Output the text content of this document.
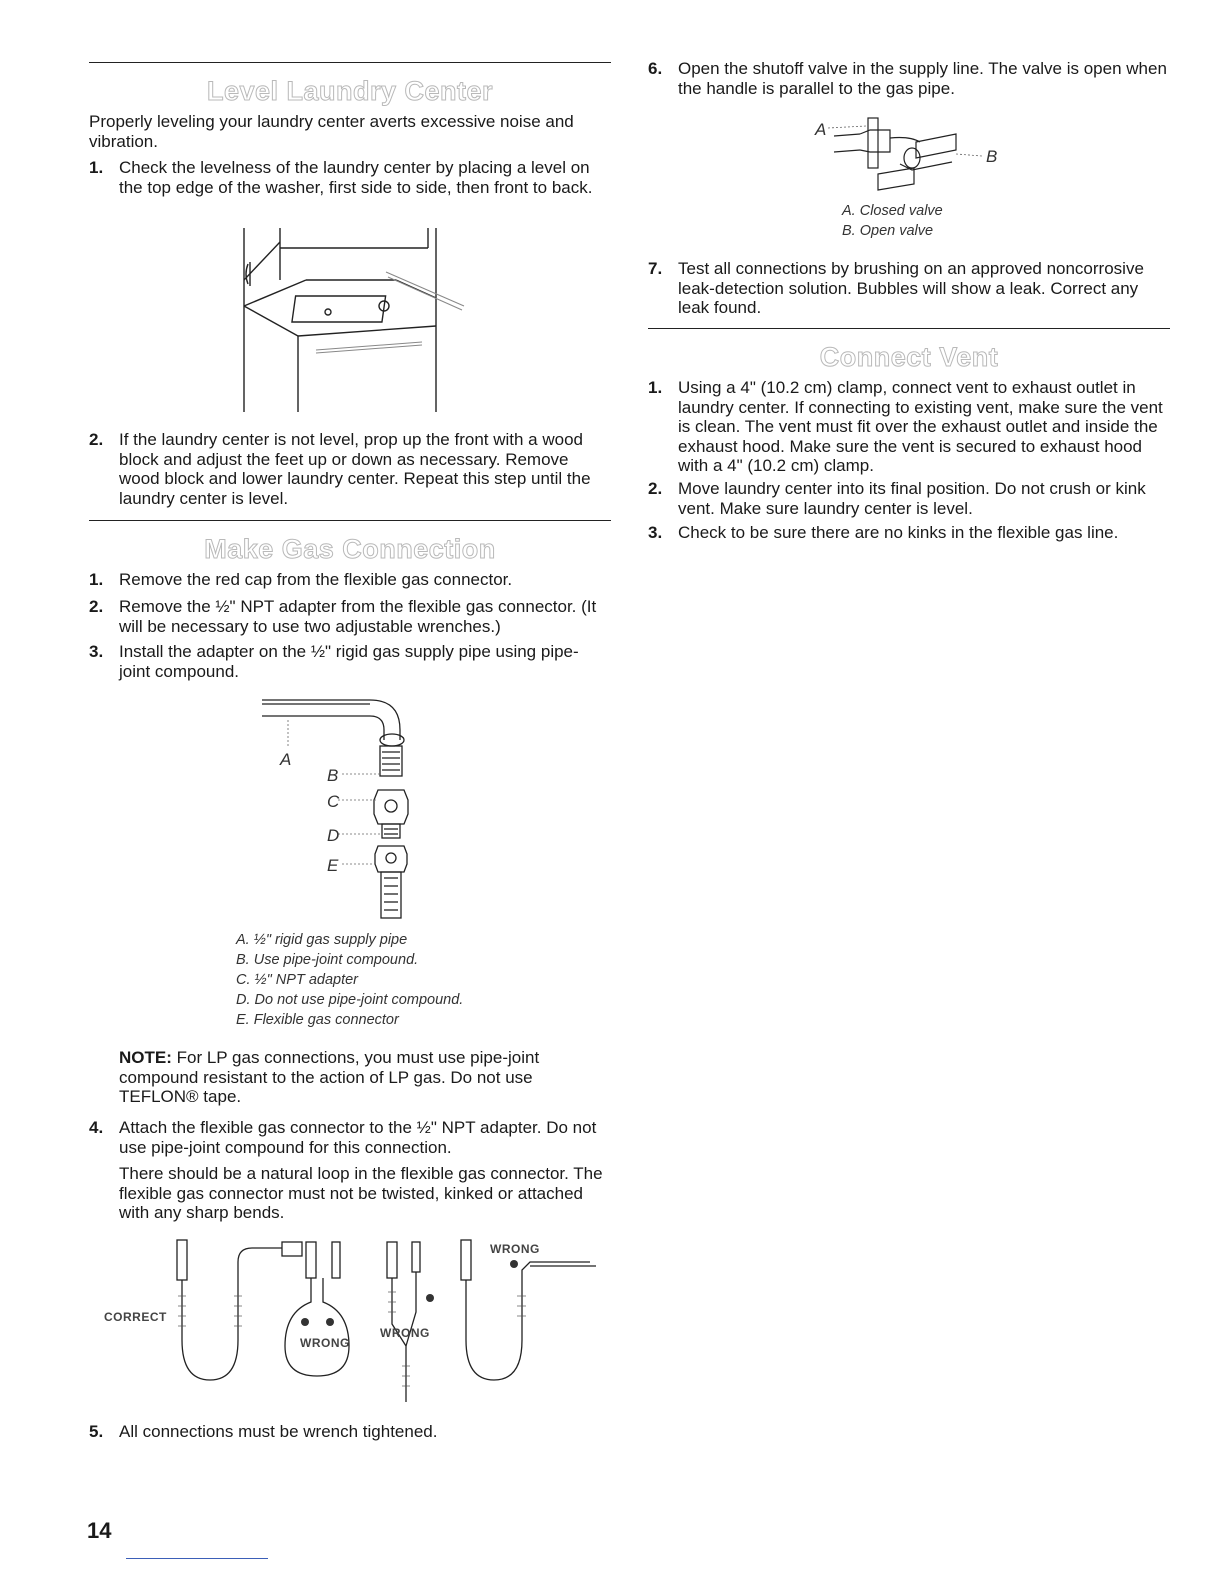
Level Laundry Center

Properly leveling your laundry center averts excessive noise and vibration.

1. Check the levelness of the laundry center by placing a level on the top edge of the washer, first side to side, then front to back.
2. If the laundry center is not level, prop up the front with a wood block and adjust the feet up or down as necessary. Remove wood block and lower laundry center. Repeat this step until the laundry center is level.
Make Gas Connection
1. Remove the red cap from the flexible gas connector.
2. Remove the ½" NPT adapter from the flexible gas connector. (It will be necessary to use two adjustable wrenches.)
3. Install the adapter on the ½" rigid gas supply pipe using pipe-joint compound.
A
B
C
D
E
A. ½" rigid gas supply pipe
B. Use pipe-joint compound.
C. ½" NPT adapter
D. Do not use pipe-joint compound.
E. Flexible gas connector

NOTE: For LP gas connections, you must use pipe-joint compound resistant to the action of LP gas. Do not use TEFLON® tape.

4. Attach the flexible gas connector to the ½" NPT adapter. Do not use pipe-joint compound for this connection.

There should be a natural loop in the flexible gas connector. The flexible gas connector must not be twisted, kinked or attached with any sharp bends.

CORRECT
WRONG
WRONG
WRONG
5. All connections must be wrench tightened.
14
6. Open the shutoff valve in the supply line. The valve is open when the handle is parallel to the gas pipe.
A
B
A. Closed valve
B. Open valve
7. Test all connections by brushing on an approved noncorrosive leak-detection solution. Bubbles will show a leak. Correct any leak found.
Connect Vent
1. Using a 4" (10.2 cm) clamp, connect vent to exhaust outlet in laundry center. If connecting to existing vent, make sure the vent is clean. The vent must fit over the exhaust outlet and inside the exhaust hood. Make sure the vent is secured to exhaust hood with a 4" (10.2 cm) clamp.
2. Move laundry center into its final position. Do not crush or kink vent. Make sure laundry center is level.
3. Check to be sure there are no kinks in the flexible gas line.
